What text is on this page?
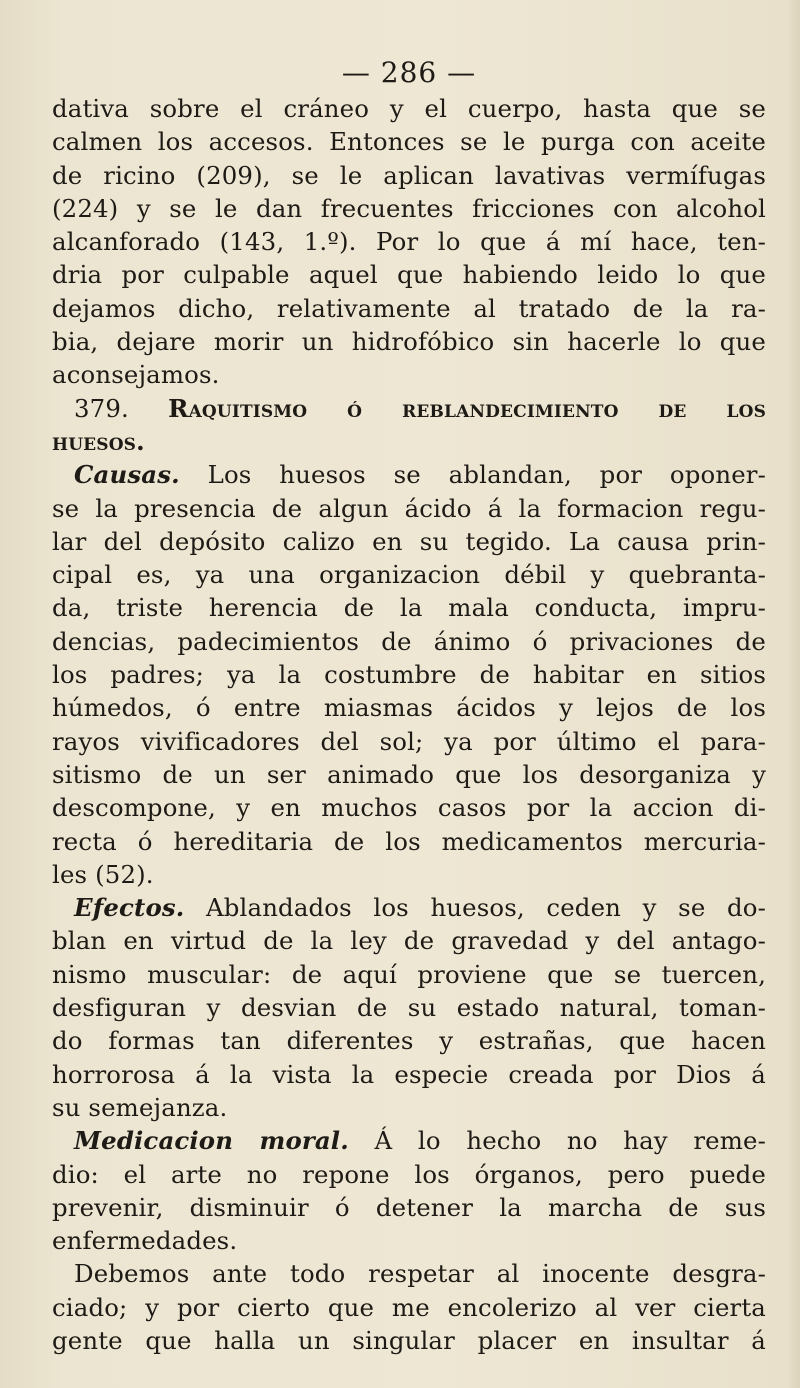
— 286 —
dativa sobre el cráneo y el cuerpo, hasta que se
calmen los accesos. Entonces se le purga con aceite
de ricino (209), se le aplican lavativas vermífugas
(224) y se le dan frecuentes fricciones con alcohol
alcanforado (143, 1.º). Por lo que á mí hace, ten-
dria por culpable aquel que habiendo leido lo que
dejamos dicho, relativamente al tratado de la ra-
bia, dejare morir un hidrofóbico sin hacerle lo que
aconsejamos.
379. Raquitismo ó reblandecimiento de los
huesos.
Causas. Los huesos se ablandan, por oponer-
se la presencia de algun ácido á la formacion regu-
lar del depósito calizo en su tegido. La causa prin-
cipal es, ya una organizacion débil y quebranta-
da, triste herencia de la mala conducta, impru-
dencias, padecimientos de ánimo ó privaciones de
los padres; ya la costumbre de habitar en sitios
húmedos, ó entre miasmas ácidos y lejos de los
rayos vivificadores del sol; ya por último el para-
sitismo de un ser animado que los desorganiza y
descompone, y en muchos casos por la accion di-
recta ó hereditaria de los medicamentos mercuria-
les (52).
Efectos. Ablandados los huesos, ceden y se do-
blan en virtud de la ley de gravedad y del antago-
nismo muscular: de aquí proviene que se tuercen,
desfiguran y desvian de su estado natural, toman-
do formas tan diferentes y estrañas, que hacen
horrorosa á la vista la especie creada por Dios á
su semejanza.
Medicacion moral. Á lo hecho no hay reme-
dio: el arte no repone los órganos, pero puede
prevenir, disminuir ó detener la marcha de sus
enfermedades.
Debemos ante todo respetar al inocente desgra-
ciado; y por cierto que me encolerizo al ver cierta
gente que halla un singular placer en insultar á
